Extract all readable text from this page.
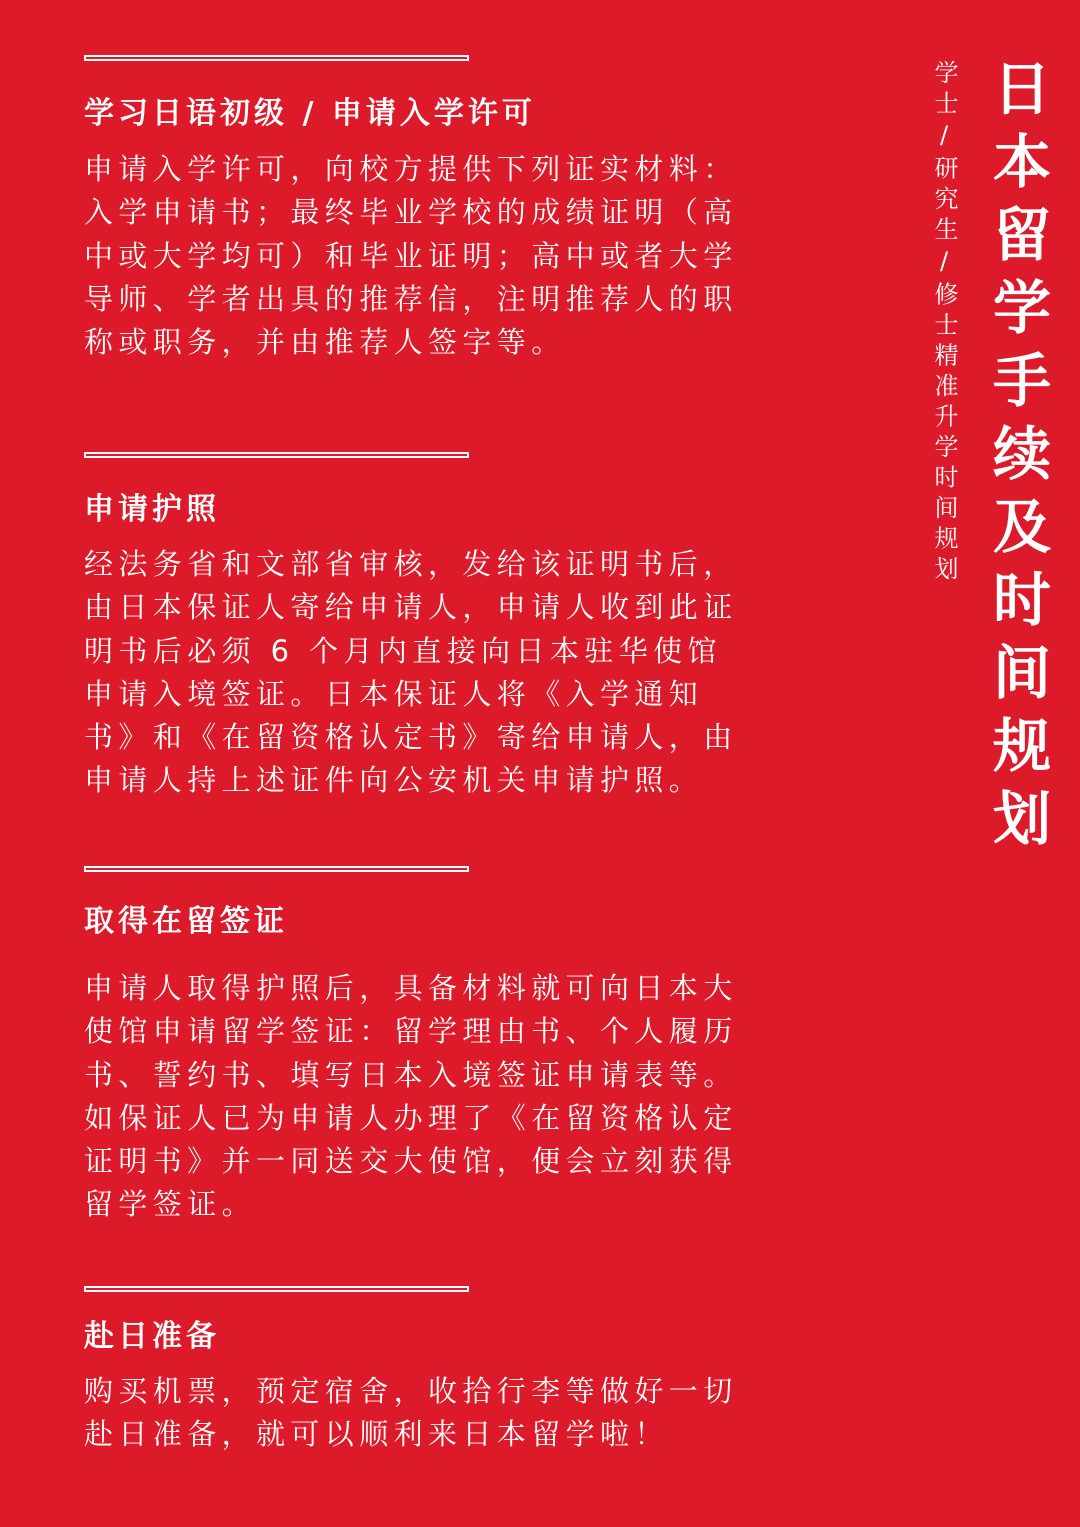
日本留学手续及时间规划
学士/研究生/修士精准升学时间规划
学习日语初级 / 申请入学许可

申请入学许可，向校方提供下列证实材料：入学申请书；最终毕业学校的成绩证明（高中或大学均可）和毕业证明；高中或者大学导师、学者出具的推荐信，注明推荐人的职称或职务，并由推荐人签字等。

申请护照

经法务省和文部省审核，发给该证明书后，由日本保证人寄给申请人，申请人收到此证明书后必须 6 个月内直接向日本驻华使馆申请入境签证。日本保证人将《入学通知书》和《在留资格认定书》寄给申请人，由申请人持上述证件向公安机关申请护照。

取得在留签证

申请人取得护照后，具备材料就可向日本大使馆申请留学签证：留学理由书、个人履历书、誓约书、填写日本入境签证申请表等。如保证人已为申请人办理了《在留资格认定证明书》并一同送交大使馆，便会立刻获得留学签证。

赴日准备

购买机票，预定宿舍，收拾行李等做好一切赴日准备，就可以顺利来日本留学啦！
